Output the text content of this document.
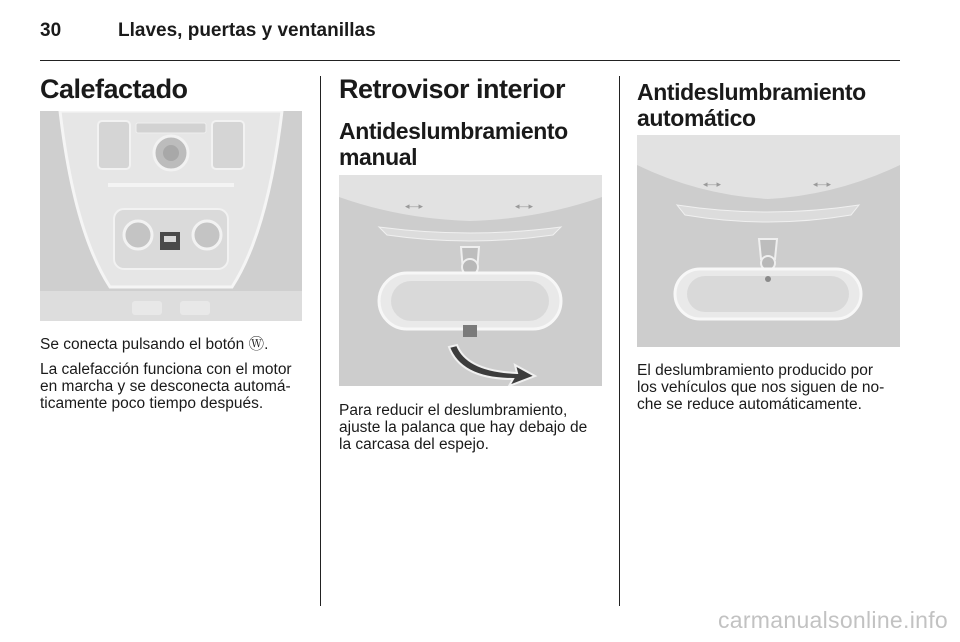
30	Llaves, puertas y ventanillas
Calefactado

Se conecta pulsando el botón Ⓦ.

La calefacción funciona con el motor
en marcha y se desconecta automá-
ticamente poco tiempo después.

Retrovisor interior
Antideslumbramiento
manual
◂—▸	◂—▸

Para reducir el deslumbramiento,
ajuste la palanca que hay debajo de
la carcasa del espejo.

Antideslumbramiento
automático
◂—▸	◂—▸

El deslumbramiento producido por
los vehículos que nos siguen de no-
che se reduce automáticamente.

carmanualsonline.info
